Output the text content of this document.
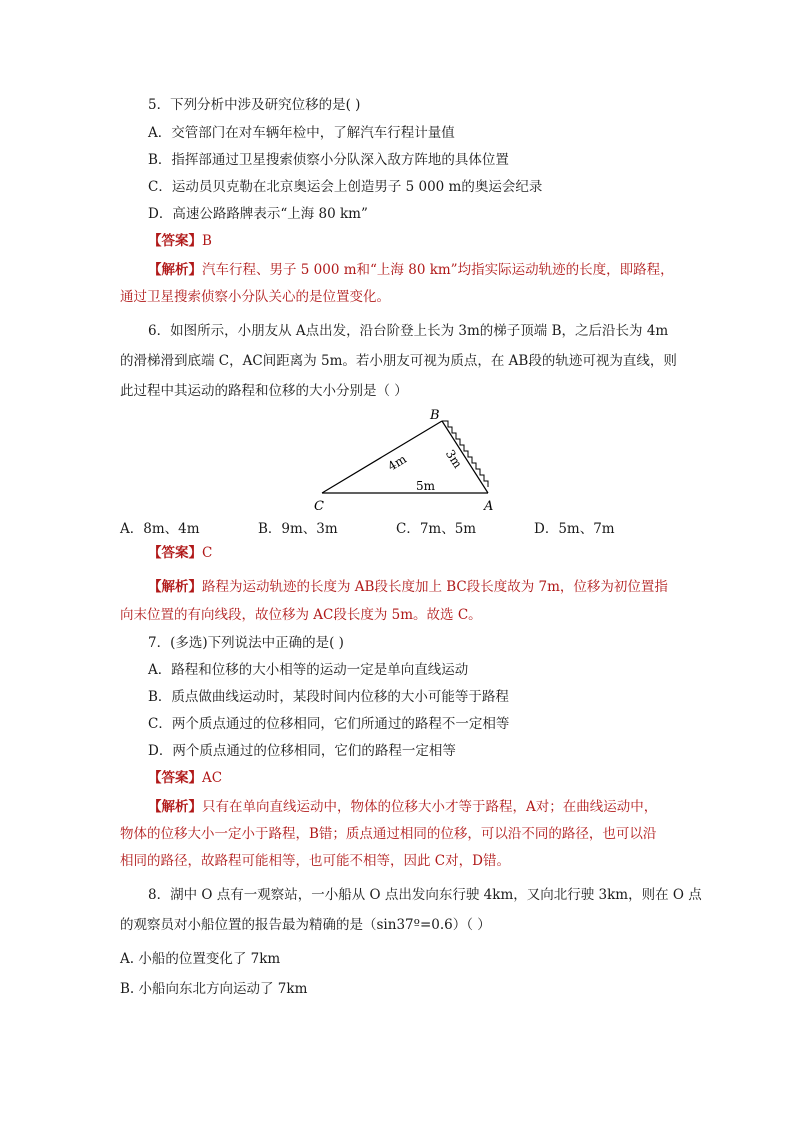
5．下列分析中涉及研究位移的是( )
A．交管部门在对车辆年检中，了解汽车行程计量值
B．指挥部通过卫星搜索侦察小分队深入敌方阵地的具体位置
C．运动员贝克勒在北京奥运会上创造男子 5 000 m的奥运会纪录
D．高速公路路牌表示“上海 80 km”
【答案】B
【解析】汽车行程、男子 5 000 m和“上海 80 km”均指实际运动轨迹的长度，即路程，
通过卫星搜索侦察小分队关心的是位置变化。
6．如图所示，小朋友从 A点出发，沿台阶登上长为 3m的梯子顶端 B，之后沿长为 4m
的滑梯滑到底端 C，AC间距离为 5m。若小朋友可视为质点，在 AB段的轨迹可视为直线，则
此过程中其运动的路程和位移的大小分别是（ ）
B
C	A
4m	3m
5m
A．8m、4m	B．9m、3m	C．7m、5m	D．5m、7m
【答案】C
【解析】路程为运动轨迹的长度为 AB段长度加上 BC段长度故为 7m，位移为初位置指
向末位置的有向线段，故位移为 AC段长度为 5m。故选 C。
7．(多选)下列说法中正确的是( )
A．路程和位移的大小相等的运动一定是单向直线运动
B．质点做曲线运动时，某段时间内位移的大小可能等于路程
C．两个质点通过的位移相同，它们所通过的路程不一定相等
D．两个质点通过的位移相同，它们的路程一定相等
【答案】AC
【解析】只有在单向直线运动中，物体的位移大小才等于路程，A对；在曲线运动中，
物体的位移大小一定小于路程，B错；质点通过相同的位移，可以沿不同的路径，也可以沿
相同的路径，故路程可能相等，也可能不相等，因此 C对，D错。
8．湖中 O 点有一观察站，一小船从 O 点出发向东行驶 4km，又向北行驶 3km，则在 O 点
的观察员对小船位置的报告最为精确的是（sin37º=0.6）（ ）
A. 小船的位置变化了 7km
B. 小船向东北方向运动了 7km
